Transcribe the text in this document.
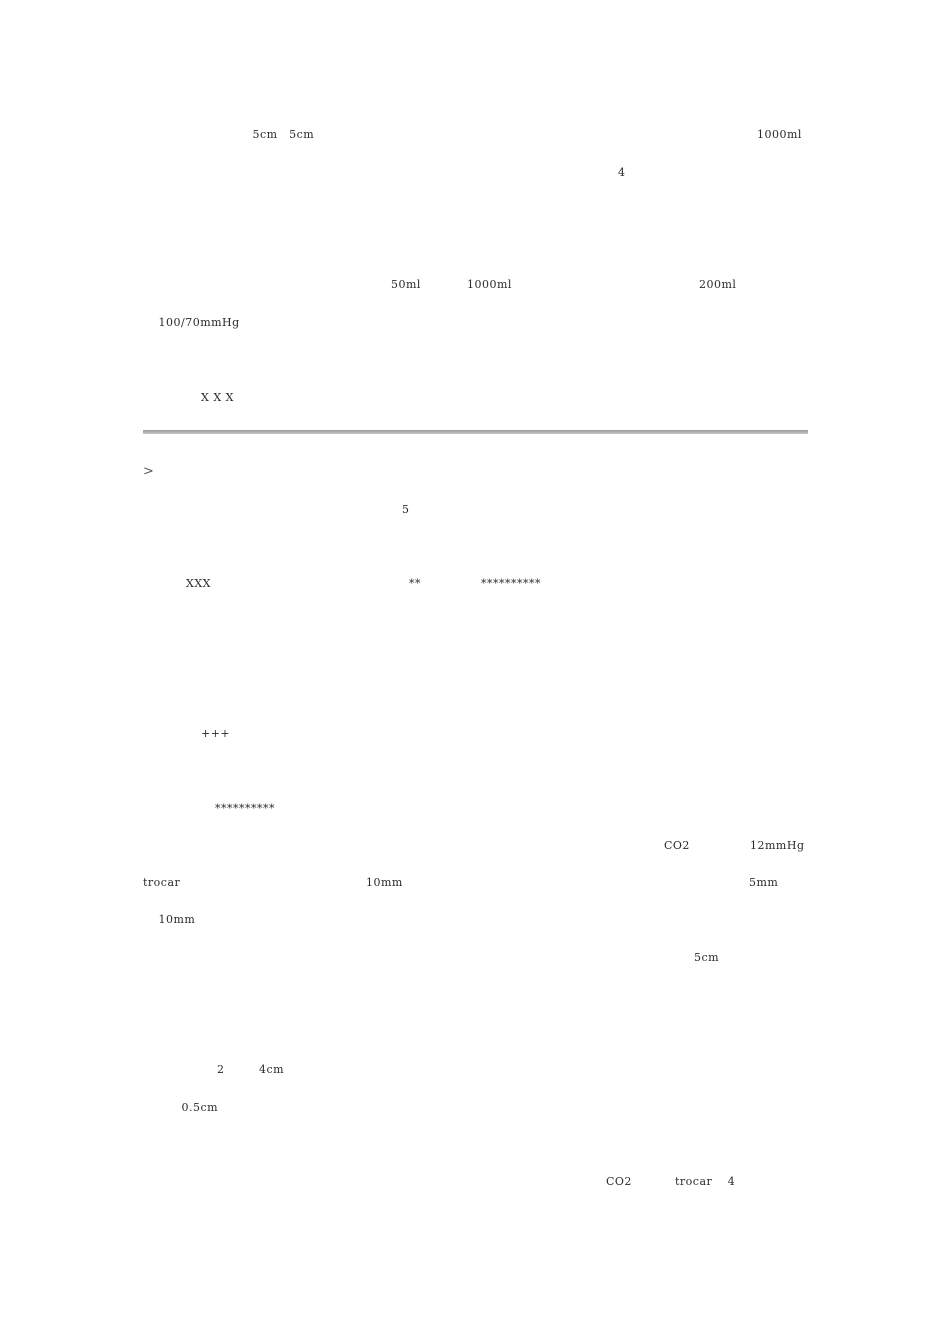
　 5cm　5cm 　　　 　　　　　　

　　　　　　　　	1000ml　

4 　　　　　　　　　　　

50ml　　　 1000ml　　　　　　　　　　　　　	200ml　　　　　
　 100/70mmHg　　　　　　　　　　　　　　

X X X
>

5 　　　　　　　　　　　　

XXX 　　　

　　　	**　　　 **********

+++

**********

CO2 　　　　 12mmHg　
trocar 　　　　　　　　　　　　	10mm　　　　　　　　　　　　　　　　　　　　　　　　　	5mm　 　
　 10mm　　　　　　　　　

　　　　5cm　　　　　　　

2　　　4cm　　　　　　　　　　　　　　　　　　　　　　　　　　　　　　　　　　　　　　　　
　　 　0.5cm　　　　　　　　　　　　　　　　　　　　　　　　　　　　　　　　　　　　　　　　　

CO2　　　 trocar　 4 　　　　
